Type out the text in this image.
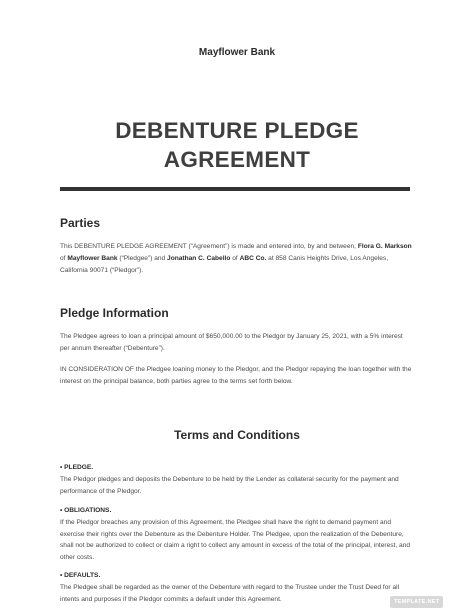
Mayflower Bank
DEBENTURE PLEDGE
AGREEMENT
Parties
This DEBENTURE PLEDGE AGREEMENT (“Agreement”) is made and entered into, by and between, Flora G. Markson of Mayflower Bank (“Pledgee”) and Jonathan C. Cabello of ABC Co. at 858 Canis Heights Drive, Los Angeles, California 90071 (“Pledgor”).
Pledge Information
The Pledgee agrees to loan a principal amount of $650,000.00 to the Pledgor by January 25, 2021, with a 5% interest per annum thereafter (“Debenture”).
IN CONSIDERATION OF the Pledgee loaning money to the Pledgor, and the Pledgor repaying the loan together with the interest on the principal balance, both parties agree to the terms set forth below.
Terms and Conditions
• PLEDGE.
The Pledgor pledges and deposits the Debenture to be held by the Lender as collateral security for the payment and performance of the Pledgor.
• OBLIGATIONS.
If the Pledgor breaches any provision of this Agreement, the Pledgee shall have the right to demand payment and exercise their rights over the Debenture as the Debenture Holder. The Pledgee, upon the realization of the Debenture, shall not be authorized to collect or claim a right to collect any amount in excess of the total of the principal, interest, and other costs.
• DEFAULTS.
The Pledgee shall be regarded as the owner of the Debenture with regard to the Trustee under the Trust Deed for all intents and purposes if the Pledgor commits a default under this Agreement.	TEMPLATE.NET
